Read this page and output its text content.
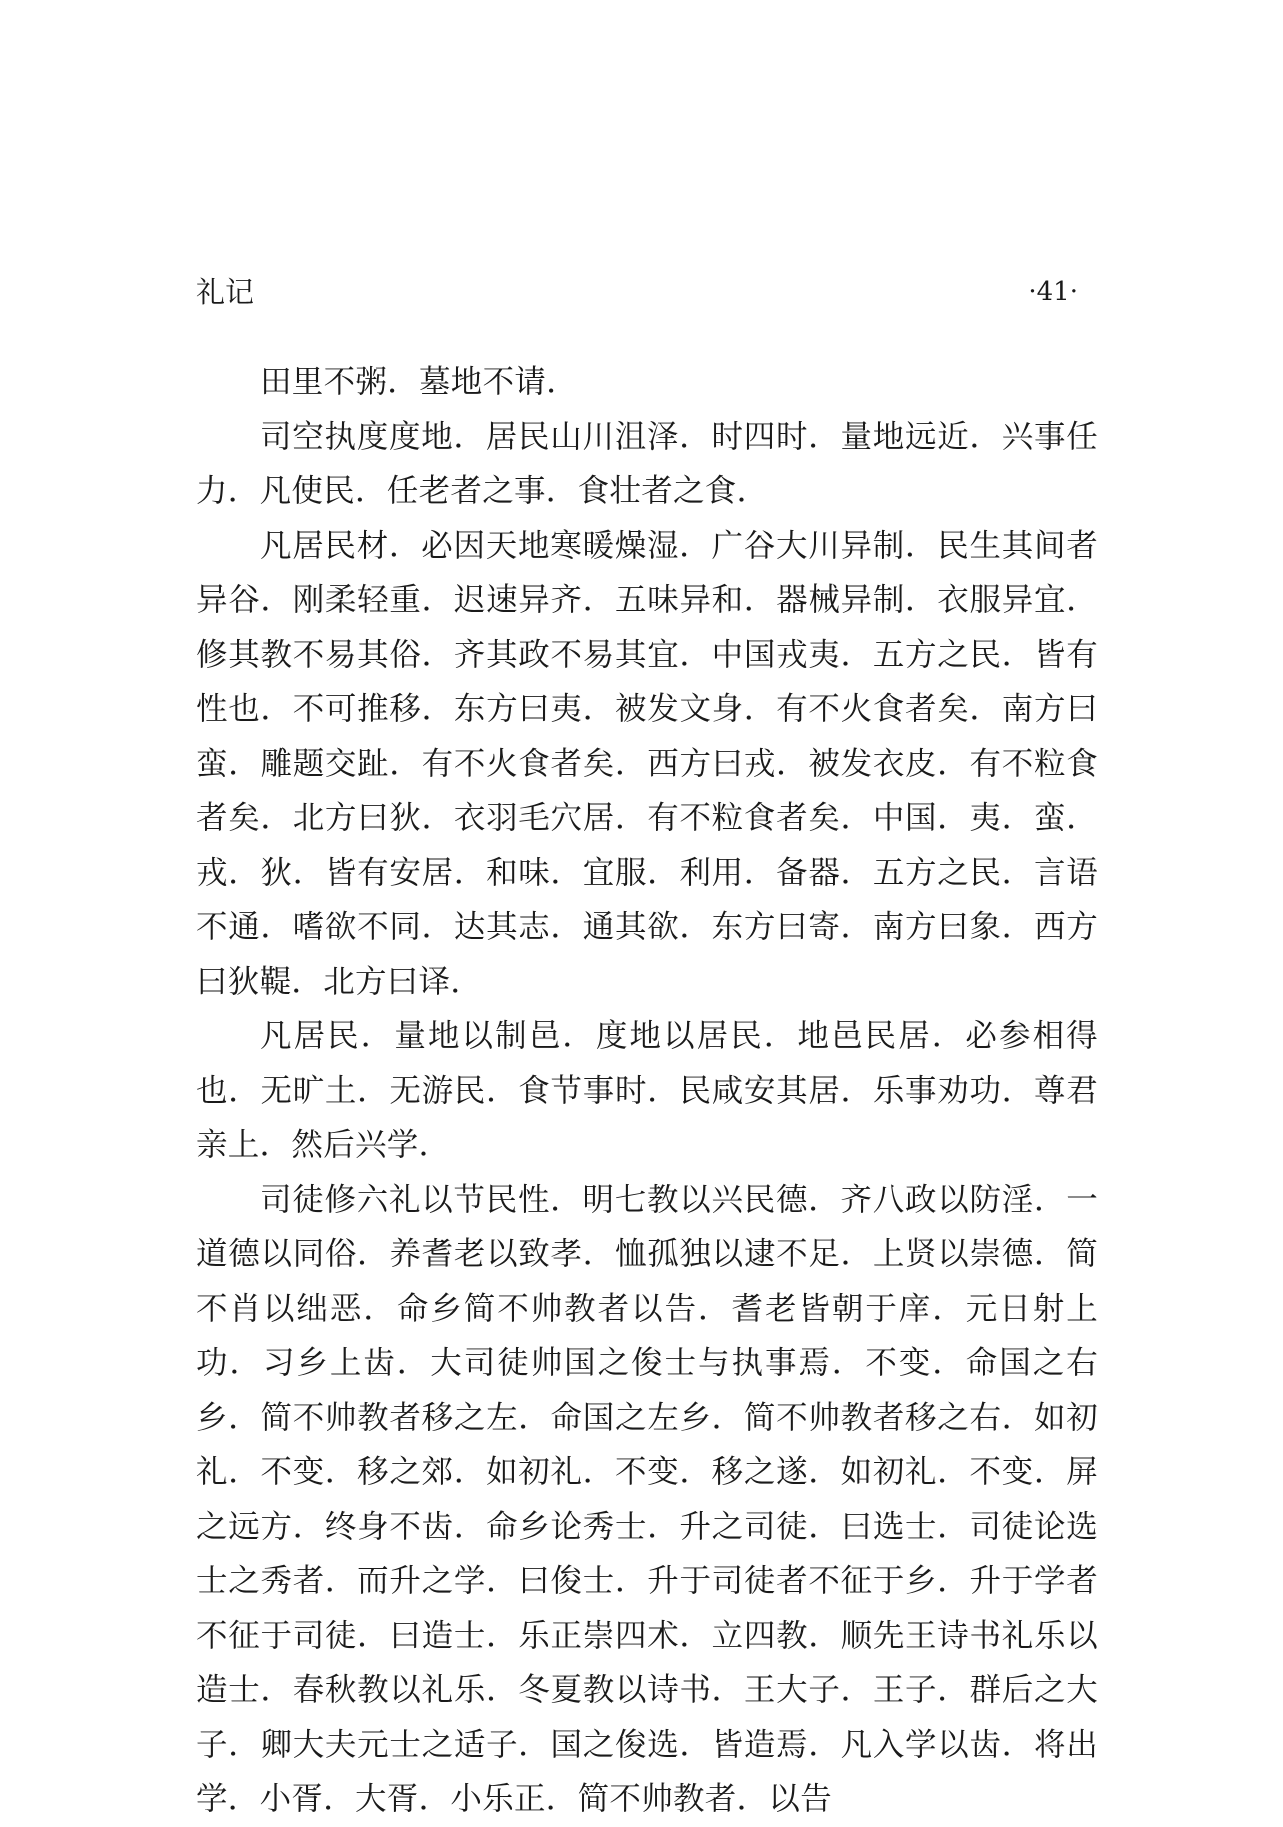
礼记	·41·

田里不粥．墓地不请．

司空执度度地．居民山川沮泽．时四时．量地远近．兴事任力．凡使民．任老者之事．食壮者之食．

凡居民材．必因天地寒暖燥湿．广谷大川异制．民生其间者异谷．刚柔轻重．迟速异齐．五味异和．器械异制．衣服异宜．修其教不易其俗．齐其政不易其宜．中国戎夷．五方之民．皆有性也．不可推移．东方曰夷．被发文身．有不火食者矣．南方曰蛮．雕题交趾．有不火食者矣．西方曰戎．被发衣皮．有不粒食者矣．北方曰狄．衣羽毛穴居．有不粒食者矣．中国．夷．蛮．戎．狄．皆有安居．和味．宜服．利用．备器．五方之民．言语不通．嗜欲不同．达其志．通其欲．东方曰寄．南方曰象．西方曰狄鞮．北方曰译．

凡居民．量地以制邑．度地以居民．地邑民居．必参相得也．无旷土．无游民．食节事时．民咸安其居．乐事劝功．尊君亲上．然后兴学．

司徒修六礼以节民性．明七教以兴民德．齐八政以防淫．一道德以同俗．养耆老以致孝．恤孤独以逮不足．上贤以崇德．简不肖以绌恶．命乡简不帅教者以告．耆老皆朝于庠．元日射上功．习乡上齿．大司徒帅国之俊士与执事焉．不变．命国之右乡．简不帅教者移之左．命国之左乡．简不帅教者移之右．如初礼．不变．移之郊．如初礼．不变．移之遂．如初礼．不变．屏之远方．终身不齿．命乡论秀士．升之司徒．曰选士．司徒论选士之秀者．而升之学．曰俊士．升于司徒者不征于乡．升于学者不征于司徒．曰造士．乐正崇四术．立四教．顺先王诗书礼乐以造士．春秋教以礼乐．冬夏教以诗书．王大子．王子．群后之大子．卿大夫元士之适子．国之俊选．皆造焉．凡入学以齿．将出学．小胥．大胥．小乐正．简不帅教者．以告
